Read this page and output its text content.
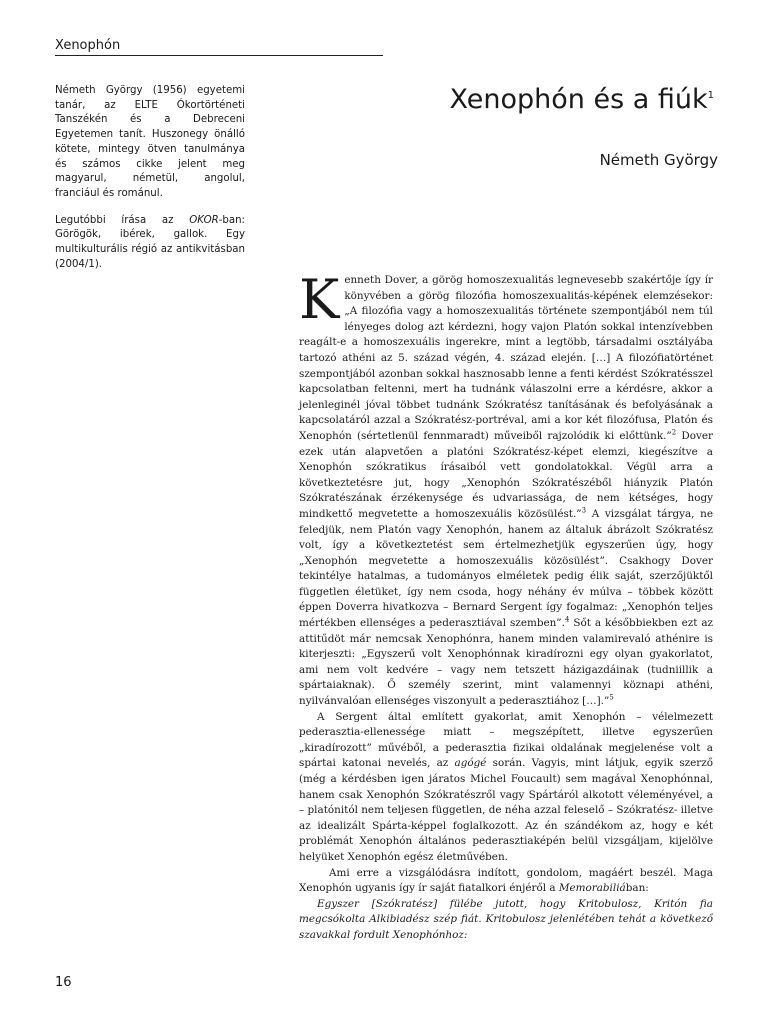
Xenophón

Németh György (1956) egyetemi tanár, az ELTE Ókortörténeti Tanszékén és a Debreceni Egyetemen tanít. Huszonegy önálló kötete, mintegy ötven tanulmánya és számos cikke jelent meg magyarul, németül, angolul, franciául és románul.

Legutóbbi írása az OKOR-ban: Görögök, ibérek, gallok. Egy multikulturális régió az antikvitásban (2004/1).

Xenophón és a fiúk$^1$
Németh György

Kenneth Dover, a görög homoszexualitás legnevesebb szakértője így ír könyvében a görög filozófia homoszexualitás-képének elemzésekor: „A filozófia vagy a homoszexualitás története szempontjából nem túl lényeges dolog azt kérdezni, hogy vajon Platón sokkal intenzívebben reagált-e a homoszexuális ingerekre, mint a legtöbb, társadalmi osztályába tartozó athéni az 5. század végén, 4. század elején. […] A filozófiatörténet szempontjából azonban sokkal hasznosabb lenne a fenti kérdést Szókratésszel kapcsolatban feltenni, mert ha tudnánk válaszolni erre a kérdésre, akkor a jelenleginél jóval többet tudnánk Szókratész tanításának és befolyásának a kapcsolatáról azzal a Szókratész-portréval, ami a kor két filozófusa, Platón és Xenophón (sértetlenül fennmaradt) műveiből rajzolódik ki előttünk.”$^2$ Dover ezek után alapvetően a platóni Szókratész-képet elemzi, kiegészítve a Xenophón szókratikus írásaiból vett gondolatokkal. Végül arra a következtetésre jut, hogy „Xenophón Szókratészéből hiányzik Platón Szókratészának érzékenysége és udvariassága, de nem kétséges, hogy mindkettő megvetette a homoszexuális közösülést.”$^3$ A vizsgálat tárgya, ne feledjük, nem Platón vagy Xenophón, hanem az általuk ábrázolt Szókratész volt, így a következtetést sem értelmezhetjük egyszerűen úgy, hogy „Xenophón megvetette a homoszexuális közösülést”. Csakhogy Dover tekintélye hatalmas, a tudományos elméletek pedig élik saját, szerzőjüktől független életüket, így nem csoda, hogy néhány év múlva – többek között éppen Doverra hivatkozva – Bernard Sergent így fogalmaz: „Xenophón teljes mértékben ellenséges a pederasztiával szemben”.$^4$ Sőt a későbbiekben ezt az attitűdöt már nemcsak Xenophónra, hanem minden valamirevaló athénire is kiterjeszti: „Egyszerű volt Xenophónnak kiradírozni egy olyan gyakorlatot, ami nem volt kedvére – vagy nem tetszett házigazdáinak (tudniillik a spártaiaknak). Ő személy szerint, mint valamennyi köznapi athéni, nyilvánvalóan ellenséges viszonyult a pederasztiához […].”$^5$

A Sergent által említett gyakorlat, amit Xenophón – vélelmezett pederasztia-ellenessége miatt – megszépített, illetve egyszerűen „kiradírozott” művéből, a pederasztia fizikai oldalának megjelenése volt a spártai katonai nevelés, az agógé során. Vagyis, mint látjuk, egyik szerző (még a kérdésben igen járatos Michel Foucault) sem magával Xenophónnal, hanem csak Xenophón Szókratészről vagy Spártáról alkotott véleményével, a – platónitól nem teljesen független, de néha azzal feleselő – Szókratész- illetve az idealizált Spárta-képpel foglalkozott. Az én szándékom az, hogy e két problémát Xenophón általános pederasztiaképén belül vizsgáljam, kijelölve helyüket Xenophón egész életművében.

Ami erre a vizsgálódásra indított, gondolom, magáért beszél. Maga Xenophón ugyanis így ír saját fiatalkori énjéről a Memorabiliában:

Egyszer [Szókratész] fülébe jutott, hogy Kritobulosz, Kritón fia megcsókolta Alkibiadész szép fiát. Kritobulosz jelenlétében tehát a következő szavakkal fordult Xenophónhoz:

16
